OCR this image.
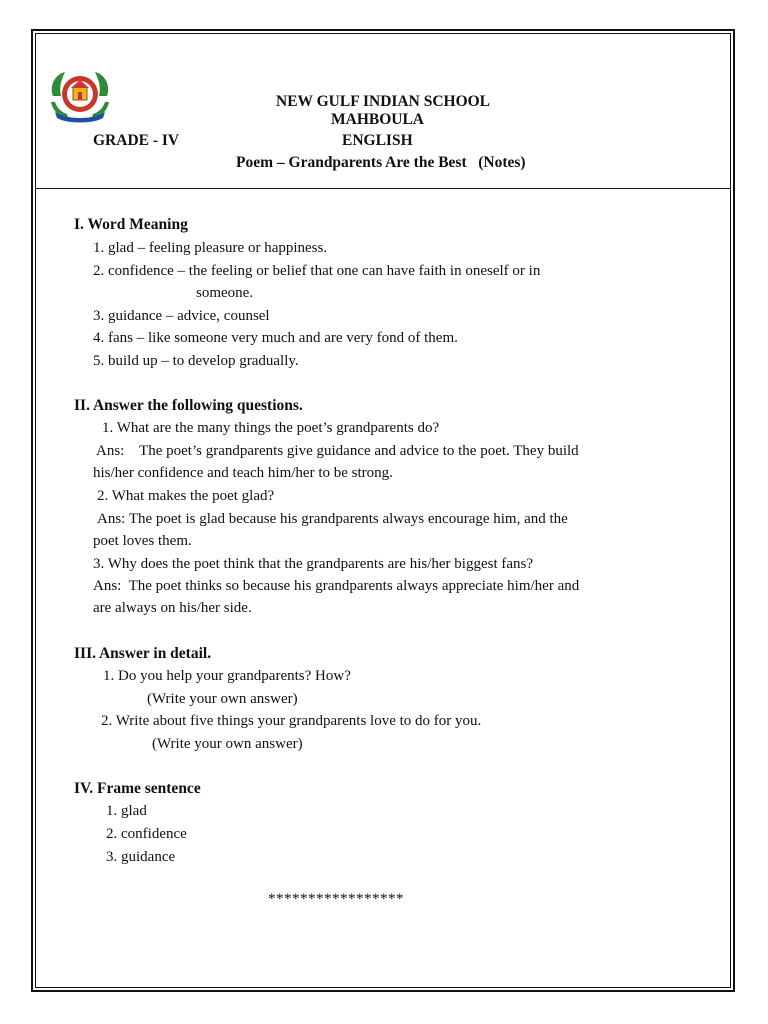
NEW GULF INDIAN SCHOOL
MAHBOULA
GRADE - IV	ENGLISH
Poem – Grandparents Are the Best (Notes)
I. Word Meaning
1. glad – feeling pleasure or happiness.
2. confidence – the feeling or belief that one can have faith in oneself or in
someone.
3. guidance – advice, counsel
4. fans – like someone very much and are very fond of them.
5. build up – to develop gradually.
II. Answer the following questions.
1. What are the many things the poet’s grandparents do?
Ans:    The poet’s grandparents give guidance and advice to the poet. They build
his/her confidence and teach him/her to be strong.
2. What makes the poet glad?
Ans: The poet is glad because his grandparents always encourage him, and the
poet loves them.
3. Why does the poet think that the grandparents are his/her biggest fans?
Ans:  The poet thinks so because his grandparents always appreciate him/her and
are always on his/her side.
III. Answer in detail.
1. Do you help your grandparents? How?
(Write your own answer)
2. Write about five things your grandparents love to do for you.
(Write your own answer)
IV. Frame sentence
1. glad
2. confidence
3. guidance
*****************
